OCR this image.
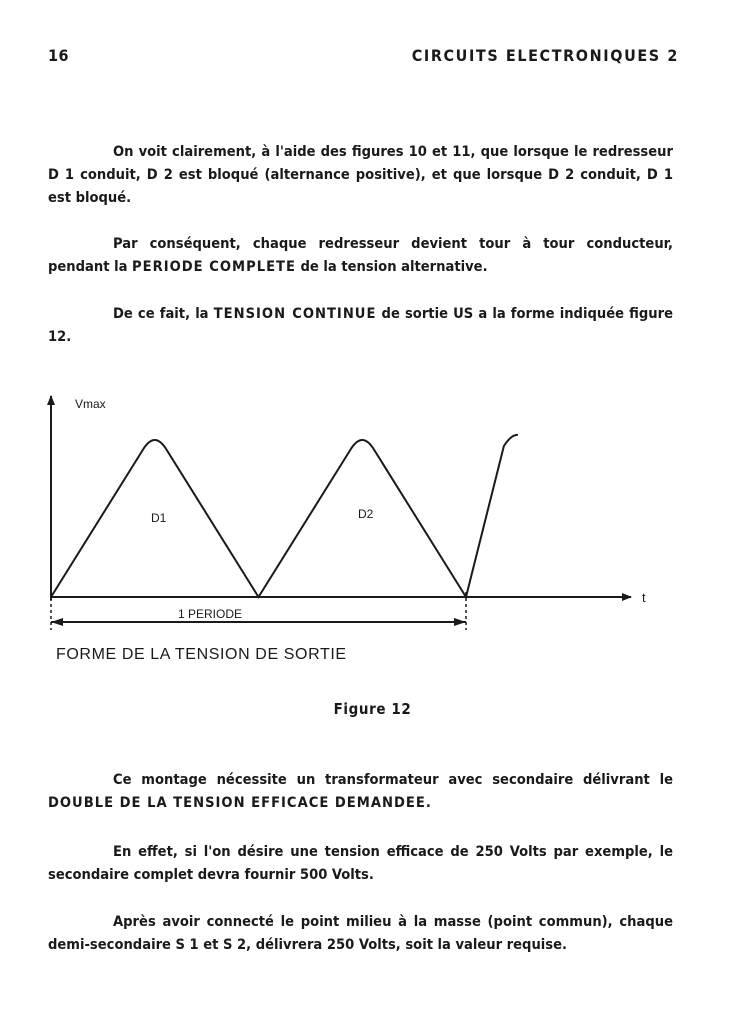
16	CIRCUITS ELECTRONIQUES 2

On voit clairement, à l'aide des figures 10 et 11, que lorsque le redresseur D 1 conduit, D 2 est bloqué (alternance positive), et que lorsque D 2 conduit, D 1 est bloqué.

Par conséquent, chaque redresseur devient tour à tour conducteur, pendant la PERIODE COMPLETE de la tension alternative.

De ce fait, la TENSION CONTINUE de sortie US a la forme indiquée figure 12.

Vmax
t
D1	D2
1 PERIODE
FORME DE LA TENSION DE SORTIE
Figure 12

Ce montage nécessite un transformateur avec secondaire délivrant le DOUBLE DE LA TENSION EFFICACE DEMANDEE.

En effet, si l'on désire une tension efficace de 250 Volts par exemple, le secondaire complet devra fournir 500 Volts.

Après avoir connecté le point milieu à la masse (point commun), chaque demi-secondaire S 1 et S 2, délivrera 250 Volts, soit la valeur requise.
